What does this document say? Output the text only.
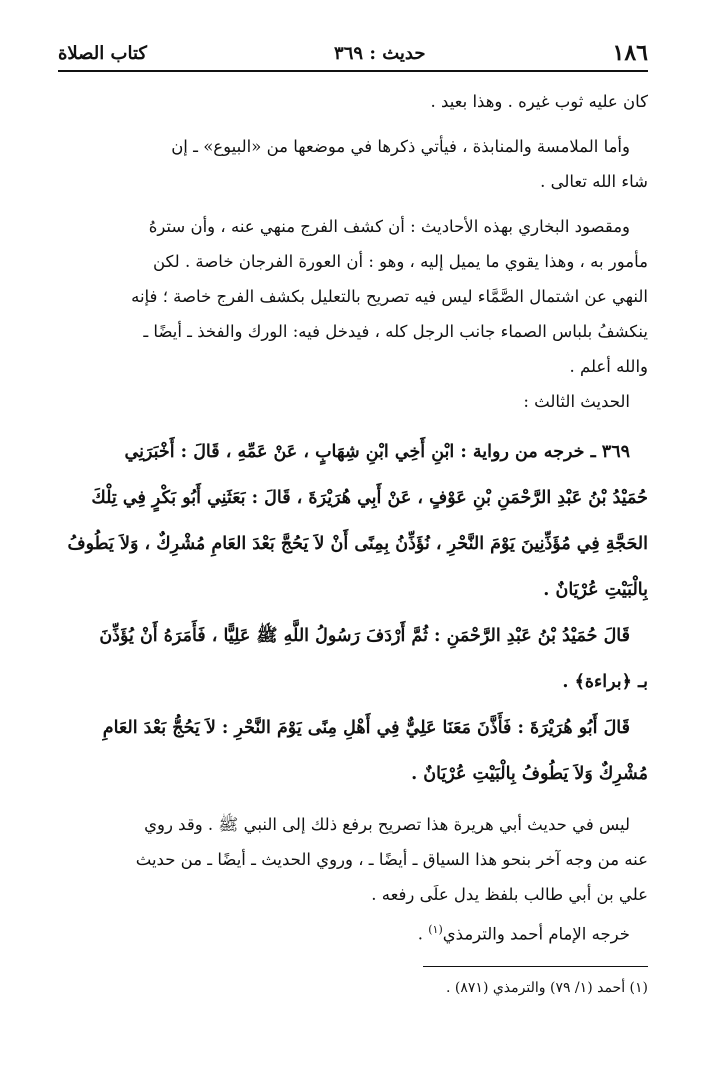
١٨٦
حديث : ٣٦٩
كتاب الصلاة
كان عليه ثوب غيره . وهذا بعيد .
وأما الملامسة والمنابذة ، فيأتي ذكرها في موضعها من «البيوع» ـ إن
شاء الله تعالى .
ومقصود البخاري بهذه الأحاديث : أن كشف الفرج منهي عنه ، وأن سترهُ
مأمور به ، وهذا يقوي ما يميل إليه ، وهو : أن العورة الفرجان خاصة . لكن
النهي عن اشتمال الصَّمَّاء ليس فيه تصريح بالتعليل بكشف الفرج خاصة ؛ فإنه
ينكشفُ بلباس الصماء جانب الرجل كله ، فيدخل فيه: الورك والفخذ ـ أيضًا ـ
والله أعلم .
الحديث الثالث :
٣٦٩ ـ خرجه من رواية : ابْنِ أَخِي ابْنِ شِهَابٍ ، عَنْ عَمِّهِ ، قَالَ : أَخْبَرَنِي
حُمَيْدُ بْنُ عَبْدِ الرَّحْمَنِ بْنِ عَوْفٍ ، عَنْ أَبِي هُرَيْرَةَ ، قَالَ : بَعَثَنِي أَبُو بَكْرٍ فِي تِلْكَ
الحَجَّةِ فِي مُؤَذِّنِينَ يَوْمَ النَّحْرِ ، نُؤَذِّنُ بِمِنًى أَنْ لاَ يَحُجَّ بَعْدَ العَامِ مُشْرِكٌ ، وَلاَ يَطُوفُ
بِالْبَيْتِ عُرْيَانٌ .
قَالَ حُمَيْدُ بْنُ عَبْدِ الرَّحْمَنِ : ثُمَّ أَرْدَفَ رَسُولُ اللَّهِ ﷺ عَلِيًّا ، فَأَمَرَهُ أَنْ يُؤَذِّنَ
بـ ﴿براءة﴾ .
قَالَ أَبُو هُرَيْرَةَ : فَأَذَّنَ مَعَنَا عَلِيٌّ فِي أَهْلِ مِنًى يَوْمَ النَّحْرِ : لاَ يَحُجُّ بَعْدَ العَامِ
مُشْرِكٌ وَلاَ يَطُوفُ بِالْبَيْتِ عُرْيَانٌ .
ليس في حديث أبي هريرة هذا تصريح برفع ذلك إلى النبي ﷺ . وقد روي
عنه من وجه آخر بنحو هذا السياق ـ أيضًا ـ ، وروي الحديث ـ أيضًا ـ من حديث
علي بن أبي طالب بلفظ يدل علَى رفعه .
خرجه الإمام أحمد والترمذي$^{(١)}$ .
(١) أحمد (١/ ٧٩) والترمذي (٨٧١) .
